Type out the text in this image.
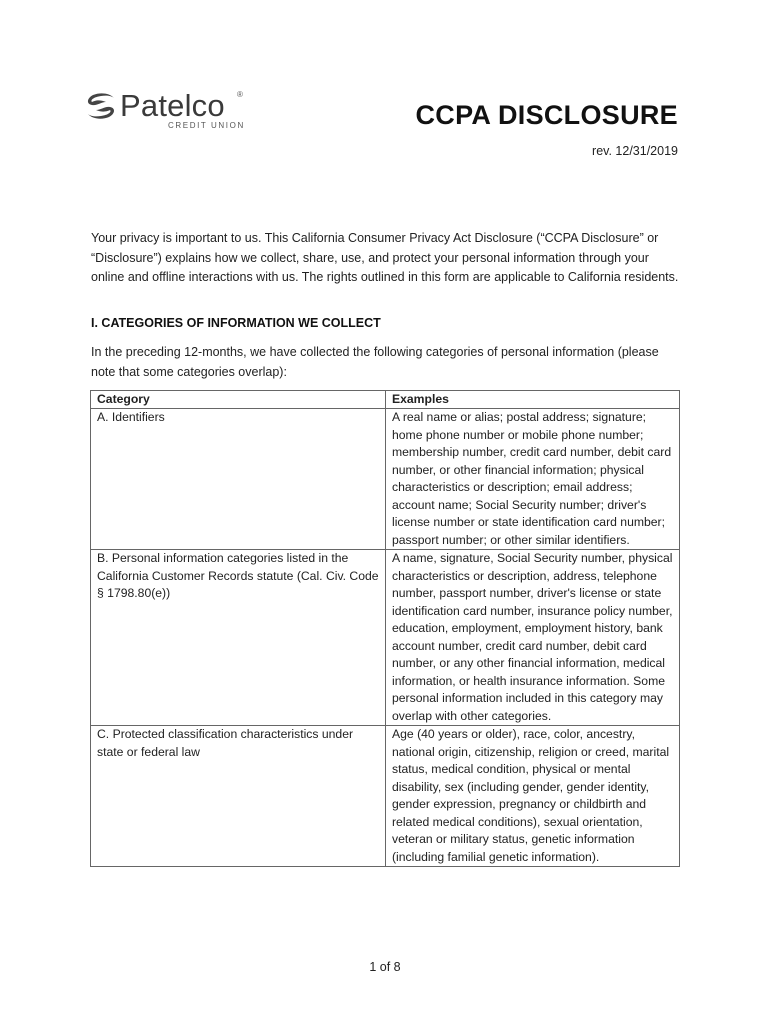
Patelco ®
CREDIT UNION	CCPA DISCLOSURE
rev. 12/31/2019

Your privacy is important to us. This California Consumer Privacy Act Disclosure (“CCPA Disclosure” or “Disclosure”) explains how we collect, share, use, and protect your personal information through your online and offline interactions with us. The rights outlined in this form are applicable to California residents.

I. CATEGORIES OF INFORMATION WE COLLECT

In the preceding 12-months, we have collected the following categories of personal information (please note that some categories overlap):

Category	Examples
A. Identifiers	A real name or alias; postal address; signature; home phone number or mobile phone number; membership number, credit card number, debit card number, or other financial information; physical characteristics or description; email address; account name; Social Security number; driver's license number or state identification card number; passport number; or other similar identifiers.
B. Personal information categories listed in the California Customer Records statute (Cal. Civ. Code § 1798.80(e))	A name, signature, Social Security number, physical characteristics or description, address, telephone number, passport number, driver's license or state identification card number, insurance policy number, education, employment, employment history, bank account number, credit card number, debit card number, or any other financial information, medical information, or health insurance information. Some personal information included in this category may overlap with other categories.
C. Protected classification characteristics under state or federal law	Age (40 years or older), race, color, ancestry, national origin, citizenship, religion or creed, marital status, medical condition, physical or mental disability, sex (including gender, gender identity, gender expression, pregnancy or childbirth and related medical conditions), sexual orientation, veteran or military status, genetic information (including familial genetic information).
1 of 8
